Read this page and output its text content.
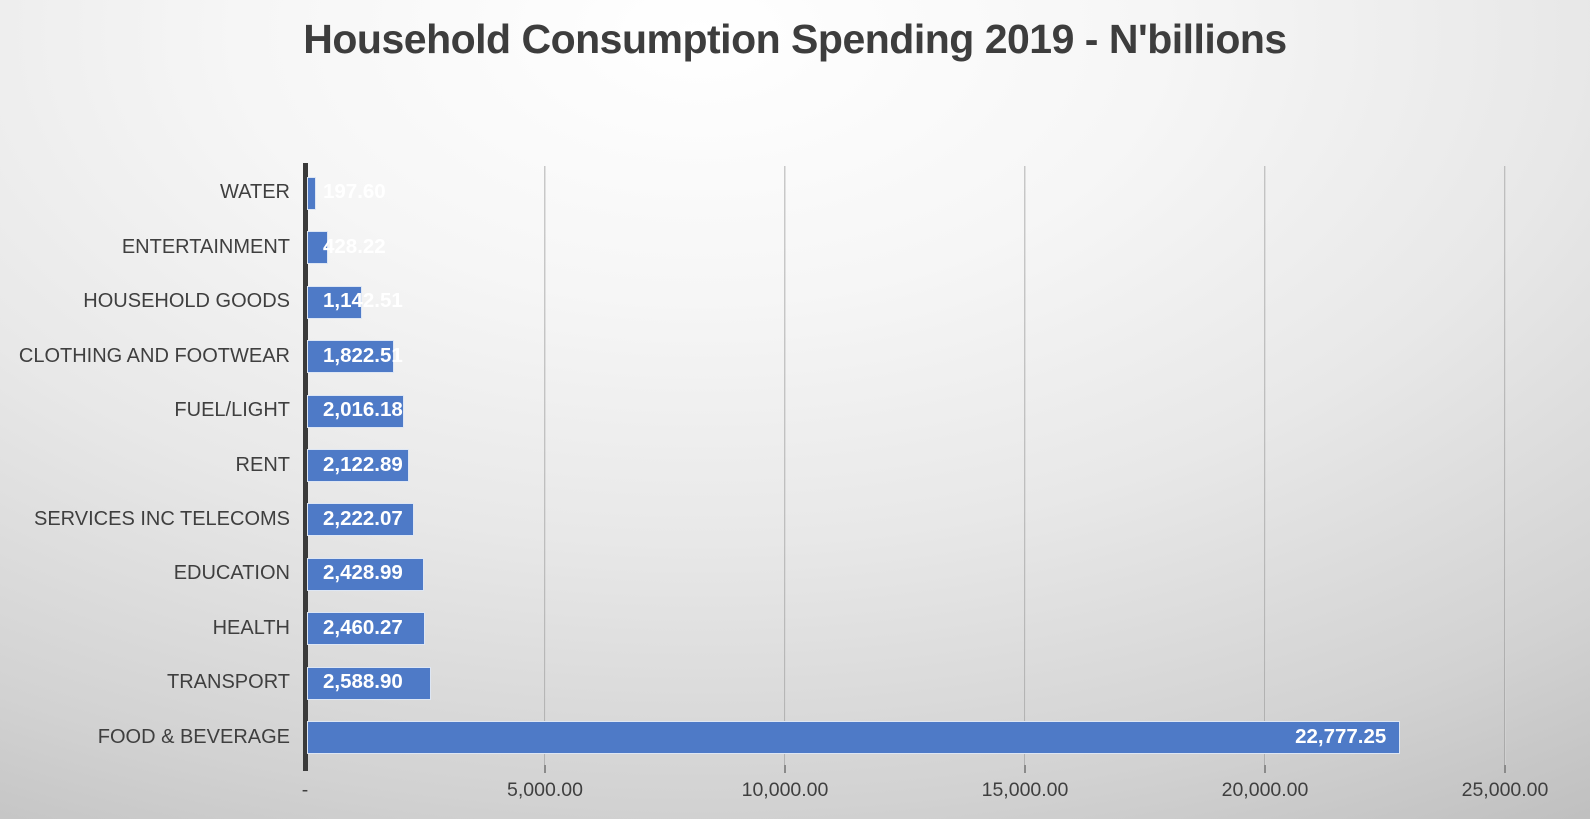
Household Consumption Spending 2019 - N'billions
-	5,000.00	10,000.00	15,000.00	20,000.00	25,000.00
WATER 197.60
ENTERTAINMENT 428.22
HOUSEHOLD GOODS 1,142.51
CLOTHING AND FOOTWEAR 1,822.51
FUEL/LIGHT 2,016.18
RENT 2,122.89
SERVICES INC TELECOMS 2,222.07
EDUCATION 2,428.99
HEALTH 2,460.27
TRANSPORT 2,588.90
FOOD & BEVERAGE	22,777.25
